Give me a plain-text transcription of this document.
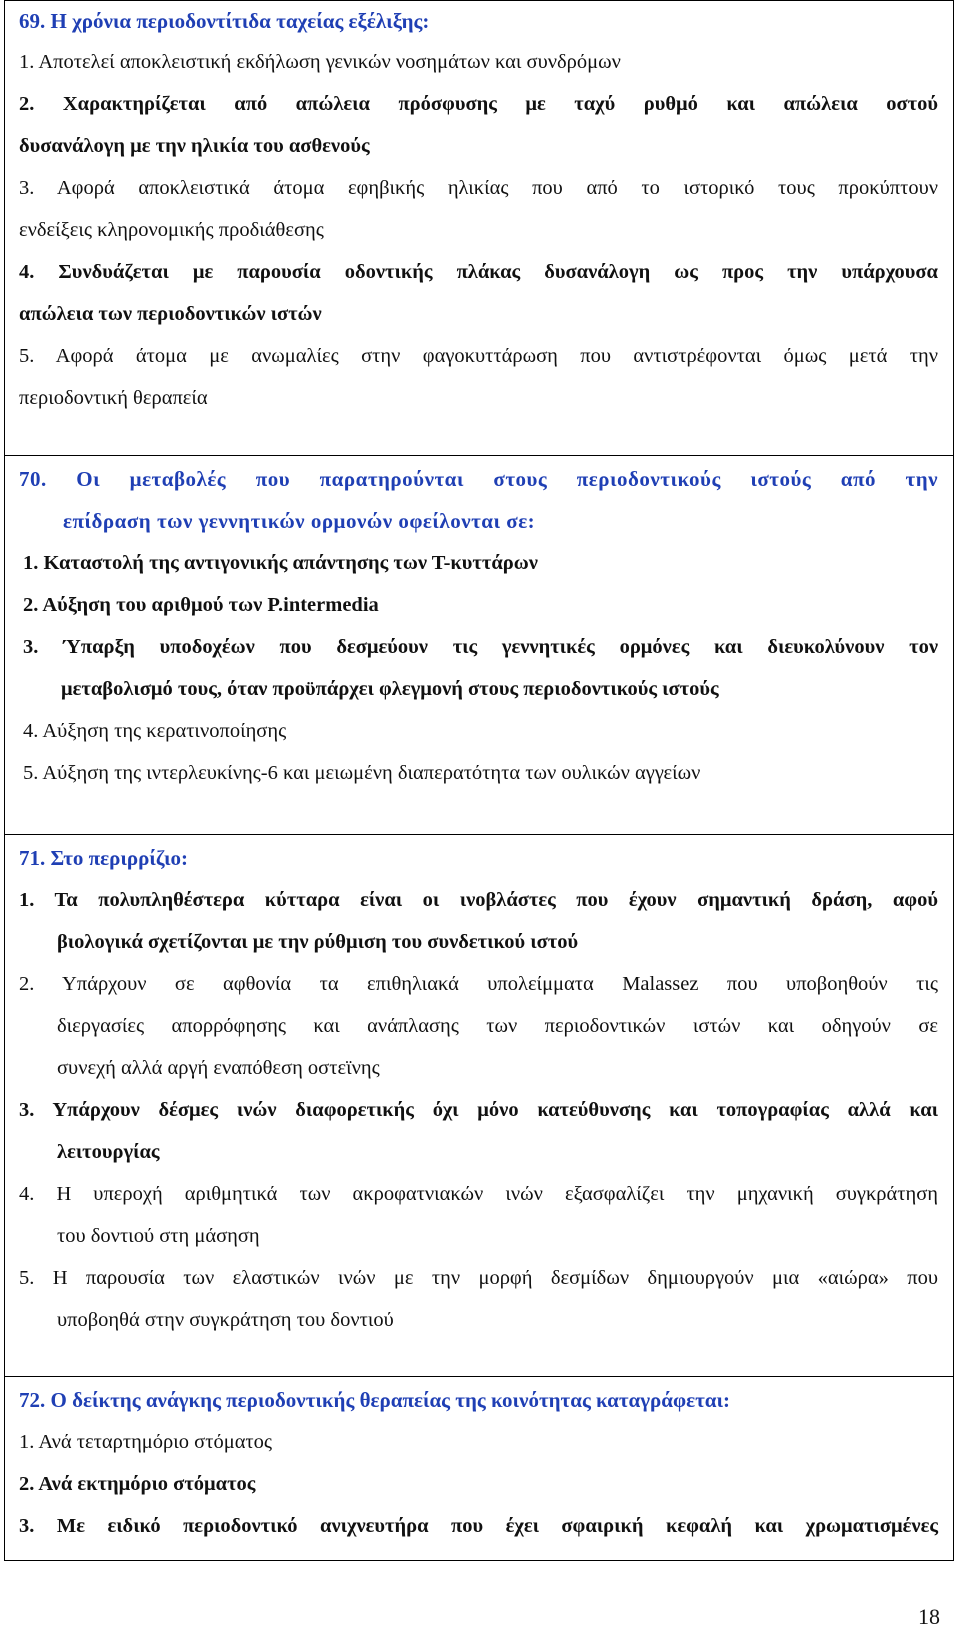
69. Η χρόνια περιοδοντίτιδα ταχείας εξέλιξης:
1. Αποτελεί αποκλειστική εκδήλωση γενικών νοσημάτων και συνδρόμων
2. Χαρακτηρίζεται από απώλεια πρόσφυσης με ταχύ ρυθμό και απώλεια οστού
δυσανάλογη με την ηλικία του ασθενούς
3. Αφορά αποκλειστικά άτομα εφηβικής ηλικίας που από το ιστορικό τους προκύπτουν
ενδείξεις κληρονομικής προδιάθεσης
4. Συνδυάζεται με παρουσία οδοντικής πλάκας δυσανάλογη ως προς την υπάρχουσα
απώλεια των περιοδοντικών ιστών
5. Αφορά άτομα με ανωμαλίες στην φαγοκυττάρωση που αντιστρέφονται όμως μετά την
περιοδοντική θεραπεία
70. Οι μεταβολές που παρατηρούνται στους περιοδοντικούς ιστούς από την
επίδραση των γεννητικών ορμονών οφείλονται σε:
1. Καταστολή της αντιγονικής απάντησης των Τ-κυττάρων
2. Αύξηση του αριθμού των P.intermedia
3. Ύπαρξη υποδοχέων που δεσμεύουν τις γεννητικές ορμόνες και διευκολύνουν τον
μεταβολισμό τους, όταν προϋπάρχει φλεγμονή στους περιοδοντικούς ιστούς
4. Αύξηση της κερατινοποίησης
5. Αύξηση της ιντερλευκίνης-6 και μειωμένη διαπερατότητα των ουλικών αγγείων
71. Στο περιρρίζιο:
1. Τα πολυπληθέστερα κύτταρα είναι οι ινοβλάστες που έχουν σημαντική δράση, αφού
βιολογικά σχετίζονται με την ρύθμιση του συνδετικού ιστού
2. Υπάρχουν σε αφθονία τα επιθηλιακά υπολείμματα Malassez που υποβοηθούν τις
διεργασίες απορρόφησης και ανάπλασης των περιοδοντικών ιστών και οδηγούν σε
συνεχή αλλά αργή εναπόθεση οστεϊνης
3. Υπάρχουν δέσμες ινών διαφορετικής όχι μόνο κατεύθυνσης και τοπογραφίας αλλά και
λειτουργίας
4. Η υπεροχή αριθμητικά των ακροφατνιακών ινών εξασφαλίζει την μηχανική συγκράτηση
του δοντιού στη μάσηση
5. Η παρουσία των ελαστικών ινών με την μορφή δεσμίδων δημιουργούν μια «αιώρα» που
υποβοηθά στην συγκράτηση του δοντιού
72. Ο δείκτης ανάγκης περιοδοντικής θεραπείας της κοινότητας καταγράφεται:
1. Ανά τεταρτημόριο στόματος
2. Ανά εκτημόριο στόματος
3. Με ειδικό περιοδοντικό ανιχνευτήρα που έχει σφαιρική κεφαλή και χρωματισμένες
18
